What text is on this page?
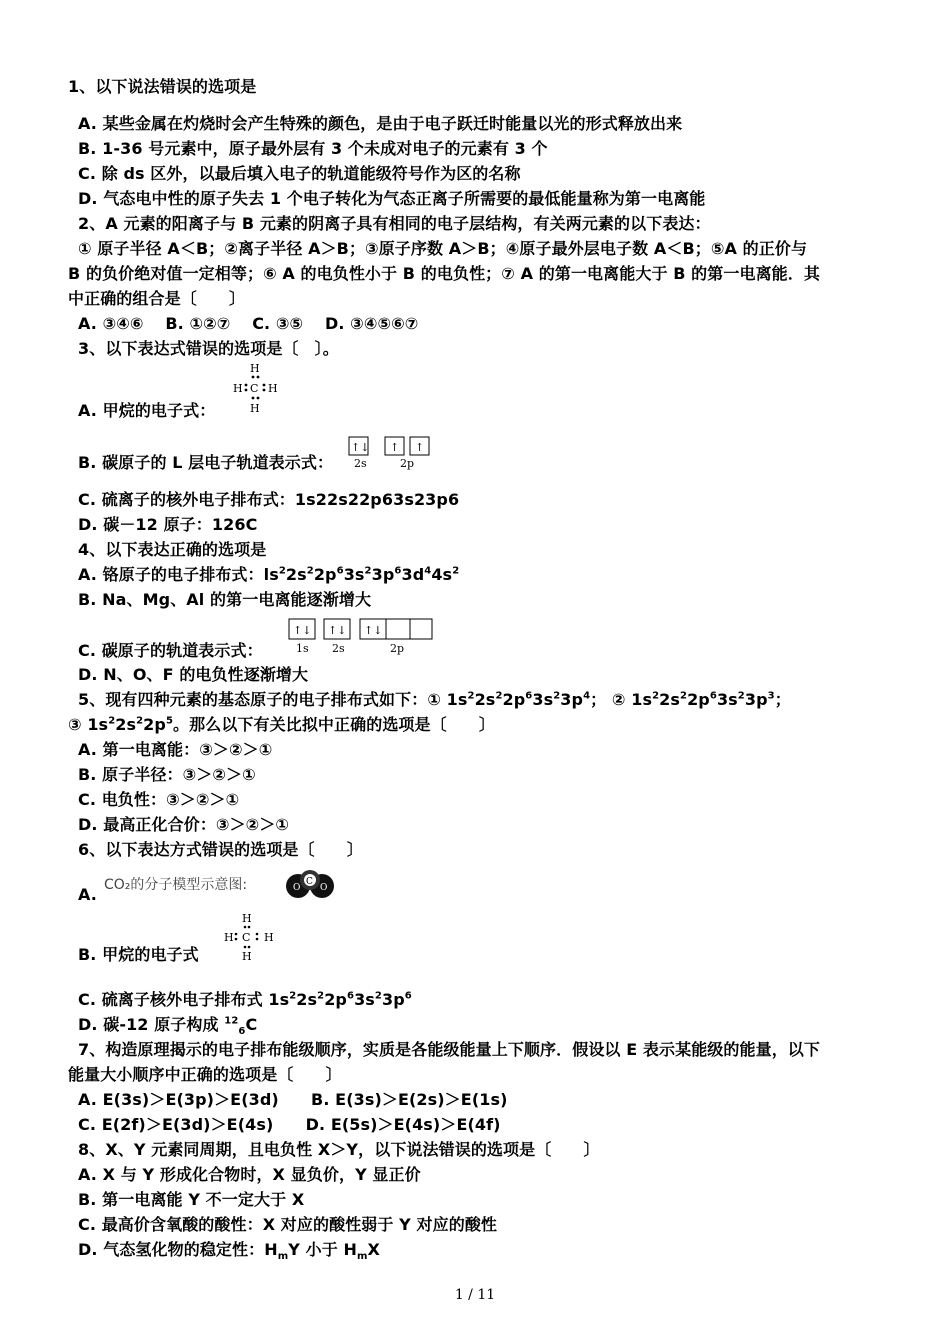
1、以下说法错误的选项是
A. 某些金属在灼烧时会产生特殊的颜色，是由于电子跃迁时能量以光的形式释放出来
B. 1-36 号元素中，原子最外层有 3 个未成对电子的元素有 3 个
C. 除 ds 区外，以最后填入电子的轨道能级符号作为区的名称
D. 气态电中性的原子失去 1 个电子转化为气态正离子所需要的最低能量称为第一电离能
2、A 元素的阳离子与 B 元素的阴离子具有相同的电子层结构，有关两元素的以下表达：
① 原子半径 A＜B；②离子半径 A＞B；③原子序数 A＞B；④原子最外层电子数 A＜B；⑤A 的正价与
B 的负价绝对值一定相等；⑥ A 的电负性小于 B 的电负性；⑦ A 的第一电离能大于 B 的第一电离能．其
中正确的组合是〔　　〕
A. ③④⑥　 B. ①②⑦　 C. ③⑤　 D. ③④⑤⑥⑦
3、以下表达式错误的选项是〔　〕。
A. 甲烷的电子式：
H
H C H
H
B. 碳原子的 L 层电子轨道表示式：
↑↓ ↑ ↑
2s	2p
C. 硫离子的核外电子排布式：1s22s22p63s23p6
D. 碳－12 原子：126C
4、以下表达正确的选项是
A. 铬原子的电子排布式：$ls^22s^22p^63s^23p^63d^44s^2$
B. Na、Mg、Al 的第一电离能逐渐增大
C. 碳原子的轨道表示式：
↑↓ ↑↓ ↑↓
1s 2s	2p
D. N、O、F 的电负性逐渐增大
5、现有四种元素的基态原子的电子排布式如下：① $1s^22s^22p^63s^23p^4$； ② $1s^22s^22p^63s^23p^3$；
③ $1s^22s^22p^5$。那么以下有关比拟中正确的选项是〔　　〕
A. 第一电离能：③＞②＞①
B. 原子半径：③＞②＞①
C. 电负性：③＞②＞①
D. 最高正化合价：③＞②＞①
6、以下表达方式错误的选项是〔　　〕
A. CO₂的分子模型示意图:	C
O O
B. 甲烷的电子式
H
H C H
H
C. 硫离子核外电子排布式 $1s^22s^22p^63s^23p^6$
D. 碳-12 原子构成 $^{12}_6$C
7、构造原理揭示的电子排布能级顺序，实质是各能级能量上下顺序．假设以 E 表示某能级的能量，以下
能量大小顺序中正确的选项是〔　　〕
A. E(3s)＞E(3p)＞E(3d)　　B. E(3s)＞E(2s)＞E(1s)
C. E(2f)＞E(3d)＞E(4s)　　D. E(5s)＞E(4s)＞E(4f)
8、X、Y 元素同周期，且电负性 X＞Y，以下说法错误的选项是〔　　〕
A. X 与 Y 形成化合物时，X 显负价，Y 显正价
B. 第一电离能 Y 不一定大于 X
C. 最高价含氧酸的酸性：X 对应的酸性弱于 Y 对应的酸性
D. 气态氢化物的稳定性：$H_mY$ 小于 $H_mX$
1 / 11
